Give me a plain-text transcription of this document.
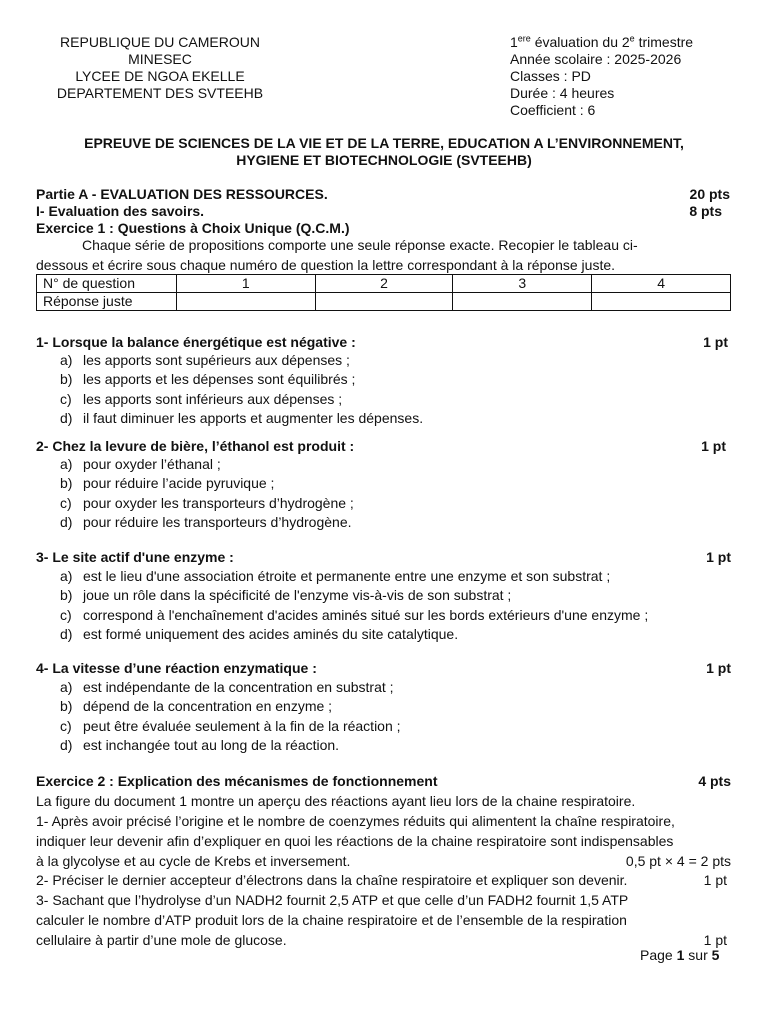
REPUBLIQUE DU CAMEROUN
MINESEC
LYCEE DE NGOA EKELLE
DEPARTEMENT DES SVTEEHB
1ere évaluation du 2e trimestre
Année scolaire : 2025-2026
Classes : PD
Durée : 4 heures
Coefficient : 6
EPREUVE DE SCIENCES DE LA VIE ET DE LA TERRE, EDUCATION A L’ENVIRONNEMENT,
HYGIENE ET BIOTECHNOLOGIE (SVTEEHB)
Partie A - EVALUATION DES RESSOURCES.	20 pts
I- Evaluation des savoirs.	8 pts
Exercice 1 : Questions à Choix Unique (Q.C.M.)
Chaque série de propositions comporte une seule réponse exacte. Recopier le tableau ci-
dessous et écrire sous chaque numéro de question la lettre correspondant à la réponse juste.
N° de question	1	2	3	4
Réponse juste				
1- Lorsque la balance énergétique est négative :	1 pt
a) les apports sont supérieurs aux dépenses ;
b) les apports et les dépenses sont équilibrés ;
c) les apports sont inférieurs aux dépenses ;
d) il faut diminuer les apports et augmenter les dépenses.
2- Chez la levure de bière, l’éthanol est produit :	1 pt
a) pour oxyder l’éthanal ;
b) pour réduire l’acide pyruvique ;
c) pour oxyder les transporteurs d’hydrogène ;
d) pour réduire les transporteurs d’hydrogène.
3- Le site actif d'une enzyme :	1 pt
a) est le lieu d'une association étroite et permanente entre une enzyme et son substrat ;
b) joue un rôle dans la spécificité de l'enzyme vis-à-vis de son substrat ;
c) correspond à l'enchaînement d'acides aminés situé sur les bords extérieurs d'une enzyme ;
d) est formé uniquement des acides aminés du site catalytique.
4- La vitesse d’une réaction enzymatique :	1 pt
a) est indépendante de la concentration en substrat ;
b) dépend de la concentration en enzyme ;
c) peut être évaluée seulement à la fin de la réaction ;
d) est inchangée tout au long de la réaction.
Exercice 2 : Explication des mécanismes de fonctionnement	4 pts
La figure du document 1 montre un aperçu des réactions ayant lieu lors de la chaine respiratoire.
1- Après avoir précisé l’origine et le nombre de coenzymes réduits qui alimentent la chaîne respiratoire,
indiquer leur devenir afin d’expliquer en quoi les réactions de la chaine respiratoire sont indispensables
à la glycolyse et au cycle de Krebs et inversement.	0,5 pt × 4 = 2 pts
2- Préciser le dernier accepteur d’électrons dans la chaîne respiratoire et expliquer son devenir.	1 pt
3- Sachant que l’hydrolyse d’un NADH2 fournit 2,5 ATP et que celle d’un FADH2 fournit 1,5 ATP
calculer le nombre d’ATP produit lors de la chaine respiratoire et de l’ensemble de la respiration
cellulaire à partir d’une mole de glucose.	1 pt
Page 1 sur 5
